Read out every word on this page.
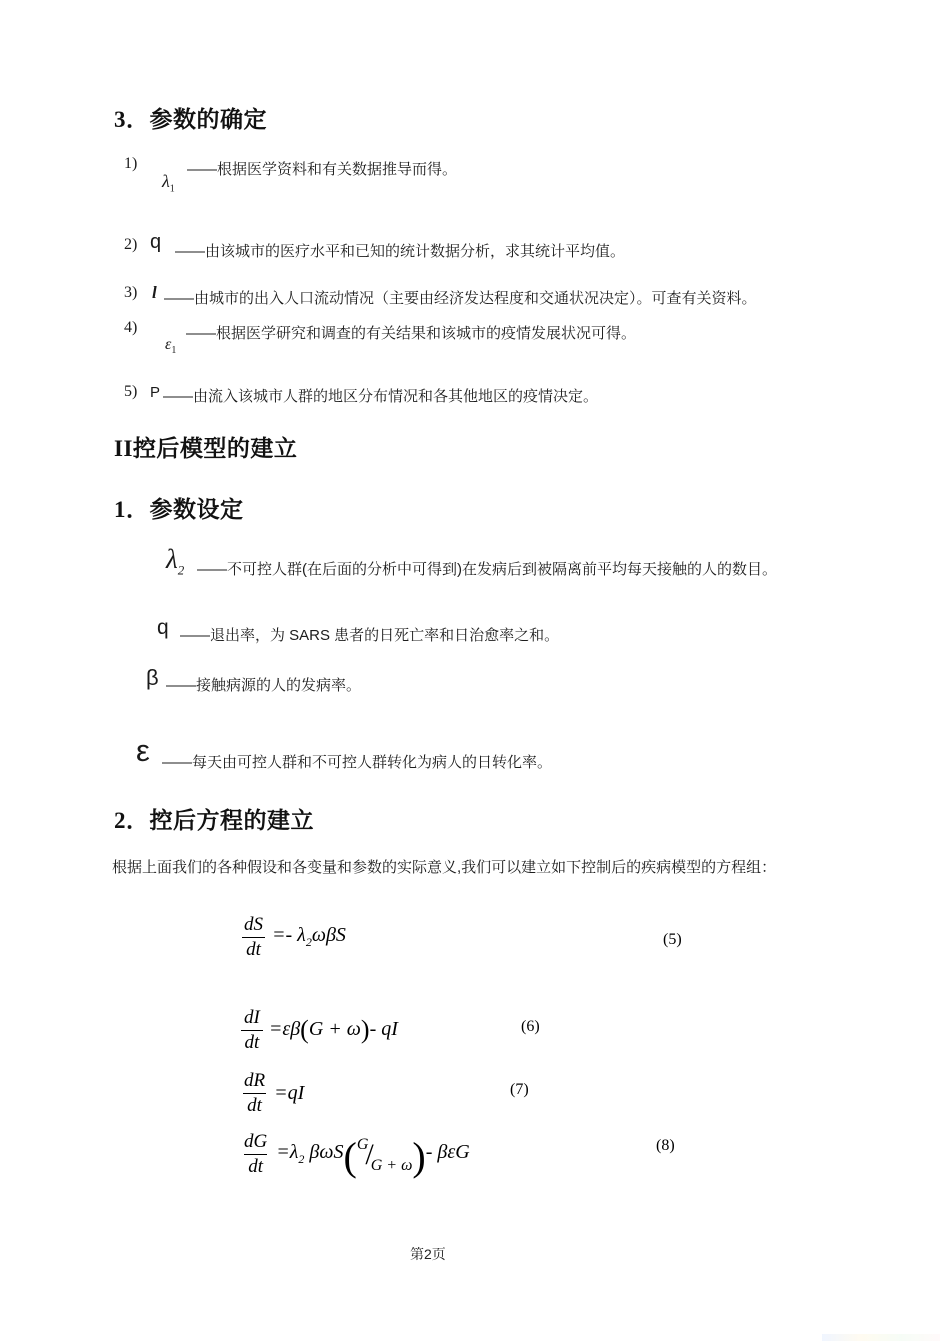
3．参数的确定
1)
$\lambda_1$
——根据医学资料和有关数据推导而得。
2) q ——由该城市的医疗水平和已知的统计数据分析，求其统计平均值。
3) l ——由城市的出入人口流动情况（主要由经济发达程度和交通状况决定）。可查有关资料。
4)
$\varepsilon_1$
——根据医学研究和调查的有关结果和该城市的疫情发展状况可得。
5) P ——由流入该城市人群的地区分布情况和各其他地区的疫情决定。
II控后模型的建立
1．参数设定
$\lambda_2$ ——不可控人群(在后面的分析中可得到)在发病后到被隔离前平均每天接触的人的数目。
q ——退出率，为 SARS 患者的日死亡率和日治愈率之和。
β ——接触病源的人的发病率。
ε ——每天由可控人群和不可控人群转化为病人的日转化率。
2．控后方程的建立
根据上面我们的各种假设和各变量和参数的实际意义,我们可以建立如下控制后的疾病模型的方程组：
$\frac{dS}{dt} =- \lambda_2\omega\beta S$	(5)
$\frac{dI}{dt} =\varepsilon\beta(G + \omega)-$ qI	(6)
$\frac{dR}{dt} =qI$	(7)
$\frac{dG}{dt} =\lambda_2$ $\beta\omega S(^G/_{G + \omega})-$ βεG	(8)
第2页
